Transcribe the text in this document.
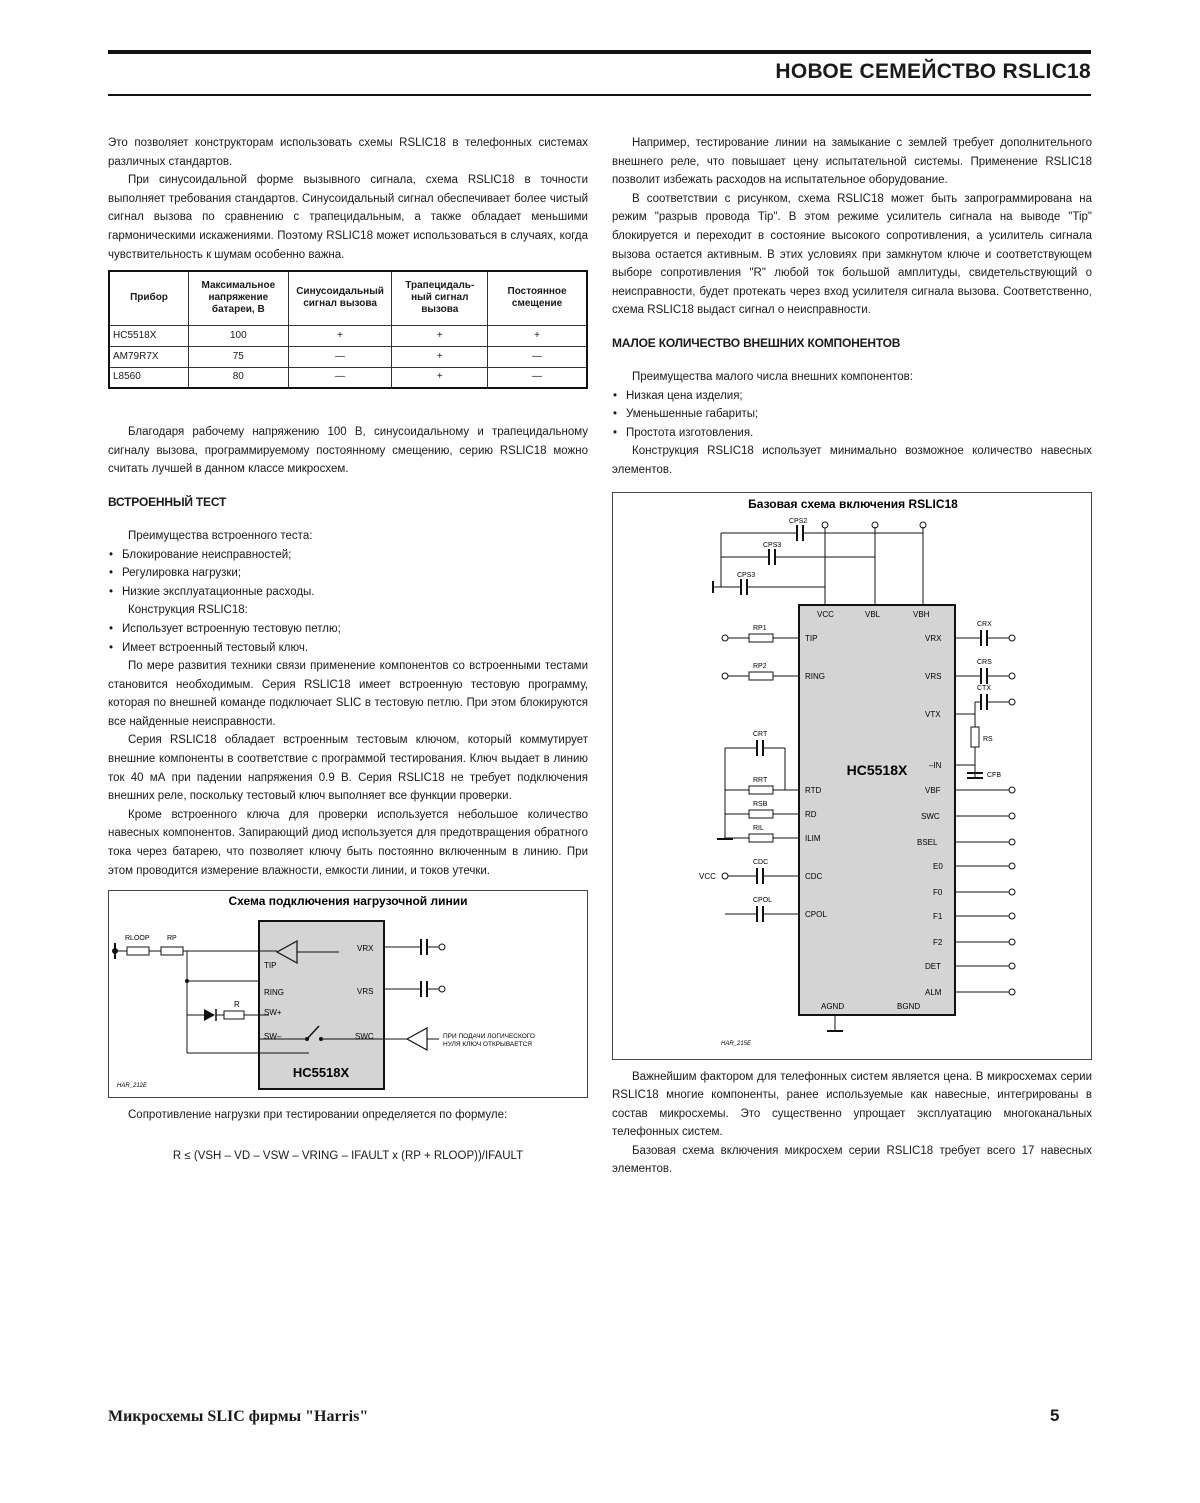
НОВОЕ СЕМЕЙСТВО RSLIC18

Это позволяет конструкторам использовать схемы RSLIC18 в телефонных системах различных стандартов.

При синусоидальной форме вызывного сигнала, схема RSLIC18 в точности выполняет требования стандартов. Синусоидальный сигнал обеспечивает более чистый сигнал вызова по сравнению с трапецидальным, а также обладает меньшими гармоническими искажениями. Поэтому RSLIC18 может использоваться в случаях, когда чувствительность к шумам особенно важна.

Прибор	Максимальное напряжение батареи, В	Синусоидальный сигнал вызова	Трапецидаль-ный сигнал вызова	Постоянное смещение
HC5518X	100	+	+	+
AM79R7X	75	—	+	—
L8560	80	—	+	—

Благодаря рабочему напряжению 100 В, синусоидальному и трапецидальному сигналу вызова, программируемому постоянному смещению, серию RSLIC18 можно считать лучшей в данном классе микросхем.

ВСТРОЕННЫЙ ТЕСТ

Преимущества встроенного теста:

• Блокирование неисправностей;
• Регулировка нагрузки;
• Низкие эксплуатационные расходы.

Конструкция RSLIC18:

• Использует встроенную тестовую петлю;
• Имеет встроенный тестовый ключ.

По мере развития техники связи применение компонентов со встроенными тестами становится необходимым. Серия RSLIC18 имеет встроенную тестовую программу, которая по внешней команде подключает SLIC в тестовую петлю. При этом блокируются все найденные неисправности.

Серия RSLIC18 обладает встроенным тестовым ключом, который коммутирует внешние компоненты в соответствие с программой тестирования. Ключ выдает в линию ток 40 мА при падении напряжения 0.9 В. Серия RSLIC18 не требует подключения внешних реле, поскольку тестовый ключ выполняет все функции проверки.

Кроме встроенного ключа для проверки используется небольшое количество навесных компонентов. Запирающий диод используется для предотвращения обратного тока через батарею, что позволяет ключу быть постоянно включенным в линию. При этом проводится измерение влажности, емкости линии, и токов утечки.

Схема подключения нагрузочной линии
HC5518X
TIP
RING
SW+
SW–
VRX
VRS
SWC
RLOOP RP
R
ПРИ ПОДАЧИ ЛОГИЧЕСКОГО
НУЛЯ КЛЮЧ ОТКРЫВАЕТСЯ
HAR_212E

Сопротивление нагрузки при тестировании определяется по формуле:

R ≤ (VSH – VD – VSW – VRING – IFAULT x (RP + RLOOP))/IFAULT

Например, тестирование линии на замыкание с землей требует дополнительного внешнего реле, что повышает цену испытательной системы. Применение RSLIC18 позволит избежать расходов на испытательное оборудование.

В соответствии с рисунком, схема RSLIC18 может быть запрограммирована на режим "разрыв провода Tip". В этом режиме усилитель сигнала на выводе "Tip" блокируется и переходит в состояние высокого сопротивления, а усилитель сигнала вызова остается активным. В этих условиях при замкнутом ключе и соответствующем выборе сопротивления "R" любой ток большой амплитуды, свидетельствующий о неисправности, будет протекать через вход усилителя сигнала вызова. Соответственно, схема RSLIC18 выдаст сигнал о неисправности.

МАЛОЕ КОЛИЧЕСТВО ВНЕШНИХ КОМПОНЕНТОВ

Преимущества малого числа внешних компонентов:

• Низкая цена изделия;
• Уменьшенные габариты;
• Простота изготовления.

Конструкция RSLIC18 использует минимально возможное количество навесных элементов.

Базовая схема включения RSLIC18
HC5518X
VCC	VBL	VBH
CPS2
CPS3
CPS3
TIP
RING
RTD
RD
ILIM
CDC
CPOL
RP1
RP2
CRT
RRT
RSB
RIL
VCC
CDC
CPOL
VRX
VRS
VTX
–IN
VBF
SWC
BSEL
E0
F0
F1
F2
DET
ALM
CRX
CRS
CTX
RS
CFB
AGND	BGND
HAR_215E

Важнейшим фактором для телефонных систем является цена. В микросхемах серии RSLIC18 многие компоненты, ранее используемые как навесные, интегрированы в состав микросхемы. Это существенно упрощает эксплуатацию многоканальных телефонных систем.

Базовая схема включения микросхем серии RSLIC18 требует всего 17 навесных элементов.

Микросхемы SLIC фирмы "Harris"	5
